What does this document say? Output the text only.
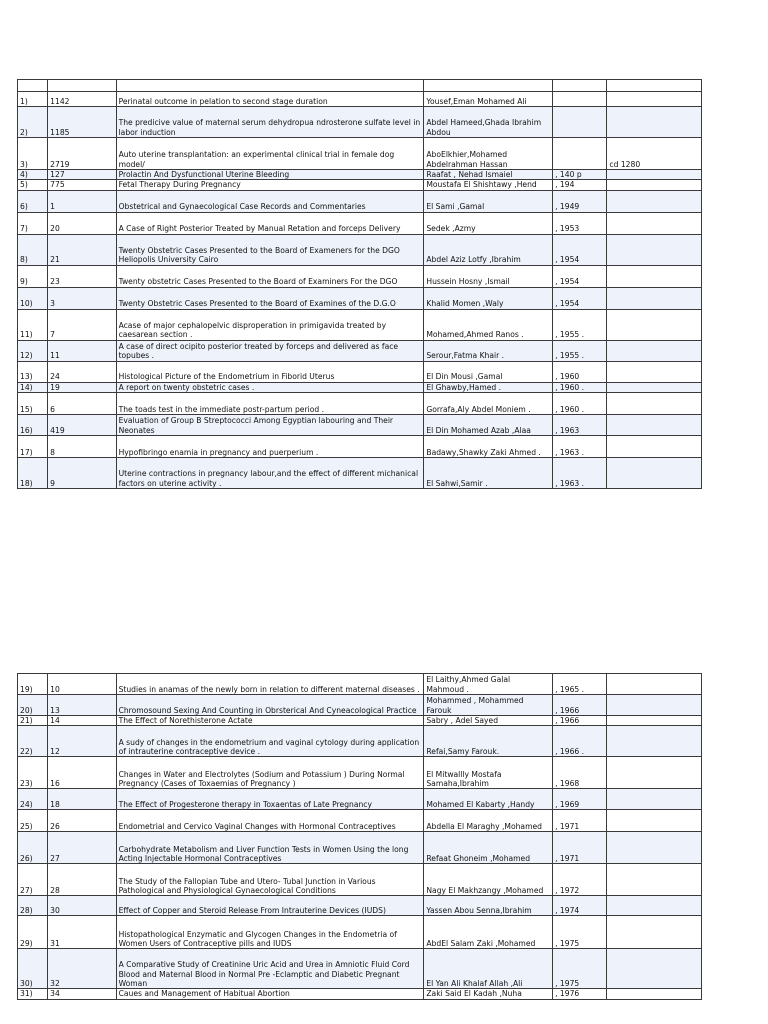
1)	1142	Perinatal outcome in pelation to second stage duration	Yousef,Eman Mohamed Ali		
2)	1185	The predicive value of maternal serum dehydropua ndrosterone sulfate level in labor induction	Abdel Hameed,Ghada Ibrahim Abdou		
3)	2719	Auto uterine transplantation: an experimental clinical trial in female dog model/	AboElkhier,Mohamed Abdelrahman Hassan		cd 1280
4)	127	Prolactin And Dysfunctional Uterine Bleeding	Raafat , Nehad Ismaiel	, 140 p	
5)	775	Fetal Therapy During Pregnancy	Moustafa El Shishtawy ,Hend	, 194	
6)	1	Obstetrical and Gynaecological Case Records and Commentaries	El Sami ,Gamal	, 1949	
7)	20	A Case of Right Posterior Treated by Manual Retation and forceps Delivery	Sedek ,Azmy	, 1953	
8)	21	Twenty Obstetric Cases Presented to the Board of Exameners for the DGO Heliopolis University Cairo	Abdel Aziz Lotfy ,Ibrahim	, 1954	
9)	23	Twenty obstetric Cases Presented to the Board of Examiners For the DGO	Hussein Hosny ,Ismail	, 1954	
10)	3	Twenty Obstetric Cases Presented to the Board of Examines of the D.G.O	Khalid Momen ,Waly	, 1954	
11)	7	Acase of major cephalopelvic disproperation in primigavida treated by caesarean section .	Mohamed,Ahmed Ranos .	, 1955 .	
12)	11	A case of direct ocipito posterior treated by forceps and delivered as face topubes .	Serour,Fatma Khair .	, 1955 .	
13)	24	Histological Picture of the Endometrium in Fiborid Uterus	El Din Mousi ,Gamal	, 1960	
14)	19	A report on twenty obstetric cases .	El Ghawby,Hamed .	, 1960 .	
15)	6	The toads test in the immediate postr-partum period .	Gorrafa,Aly Abdel Moniem .	, 1960 .	
16)	419	Evaluation of Group B Streptococci Among Egyptian labouring and Their Neonates	El Din Mohamed Azab ,Alaa	, 1963	
17)	8	Hypofibringo enamia in pregnancy and puerperium .	Badawy,Shawky Zaki Ahmed .	, 1963 .	
18)	9	Uterine contractions in pregnancy labour,and the effect of different michanical factors on uterine activity .	El Sahwi,Samir .	, 1963 .	
19)	10	Studies in anamas of the newly born in relation to different maternal diseases .	El Laithy,Ahmed Galal Mahmoud .	, 1965 .	
20)	13	Chromosound Sexing And Counting in Obrsterical And Cyneacological Practice	Mohammed , Mohammed Farouk	, 1966	
21)	14	The Effect of Norethisterone Actate	Sabry , Adel Sayed	, 1966	
22)	12	A sudy of changes in the endometrium and vaginal cytology during application of intrauterine contraceptive device .	Refai,Samy Farouk.	, 1966 .	
23)	16	Changes in Water and Electrolytes (Sodium and Potassium ) During Normal Pregnancy (Cases of Toxaemias of Pregnancy )	El Mitwallly Mostafa Samaha,Ibrahim	, 1968	
24)	18	The Effect of Progesterone therapy in Toxaentas of Late Pregnancy	Mohamed El Kabarty ,Handy	, 1969	
25)	26	Endometrial and Cervico Vaginal Changes with Hormonal Contraceptives	Abdella El Maraghy ,Mohamed	, 1971	
26)	27	Carbohydrate Metabolism and Liver Function Tests in Women Using the long Acting Injectable Hormonal Contraceptives	Refaat Ghoneim ,Mohamed	, 1971	
27)	28	The Study of the Fallopian Tube and Utero- Tubal Junction in Various Pathological and Physiological Gynaecological Conditions	Nagy El Makhzangy ,Mohamed	, 1972	
28)	30	Effect of Copper and Steroid Release From Intrauterine Devices (IUDS)	Yassen Abou Senna,Ibrahim	, 1974	
29)	31	Histopathological Enzymatic and Glycogen Changes in the Endometria of Women Users of Contraceptive pills and IUDS	AbdEl Salam Zaki ,Mohamed	, 1975	
30)	32	A Comparative Study of Creatinine Uric Acid and Urea in Amniotic Fluid Cord Blood and Maternal Blood in Normal Pre -Eclamptic and Diabetic Pregnant Woman	El Yan Ali Khalaf Allah ,Ali	, 1975	
31)	34	Caues and Management of Habitual Abortion	Zaki Said El Kadah ,Nuha	, 1976	
